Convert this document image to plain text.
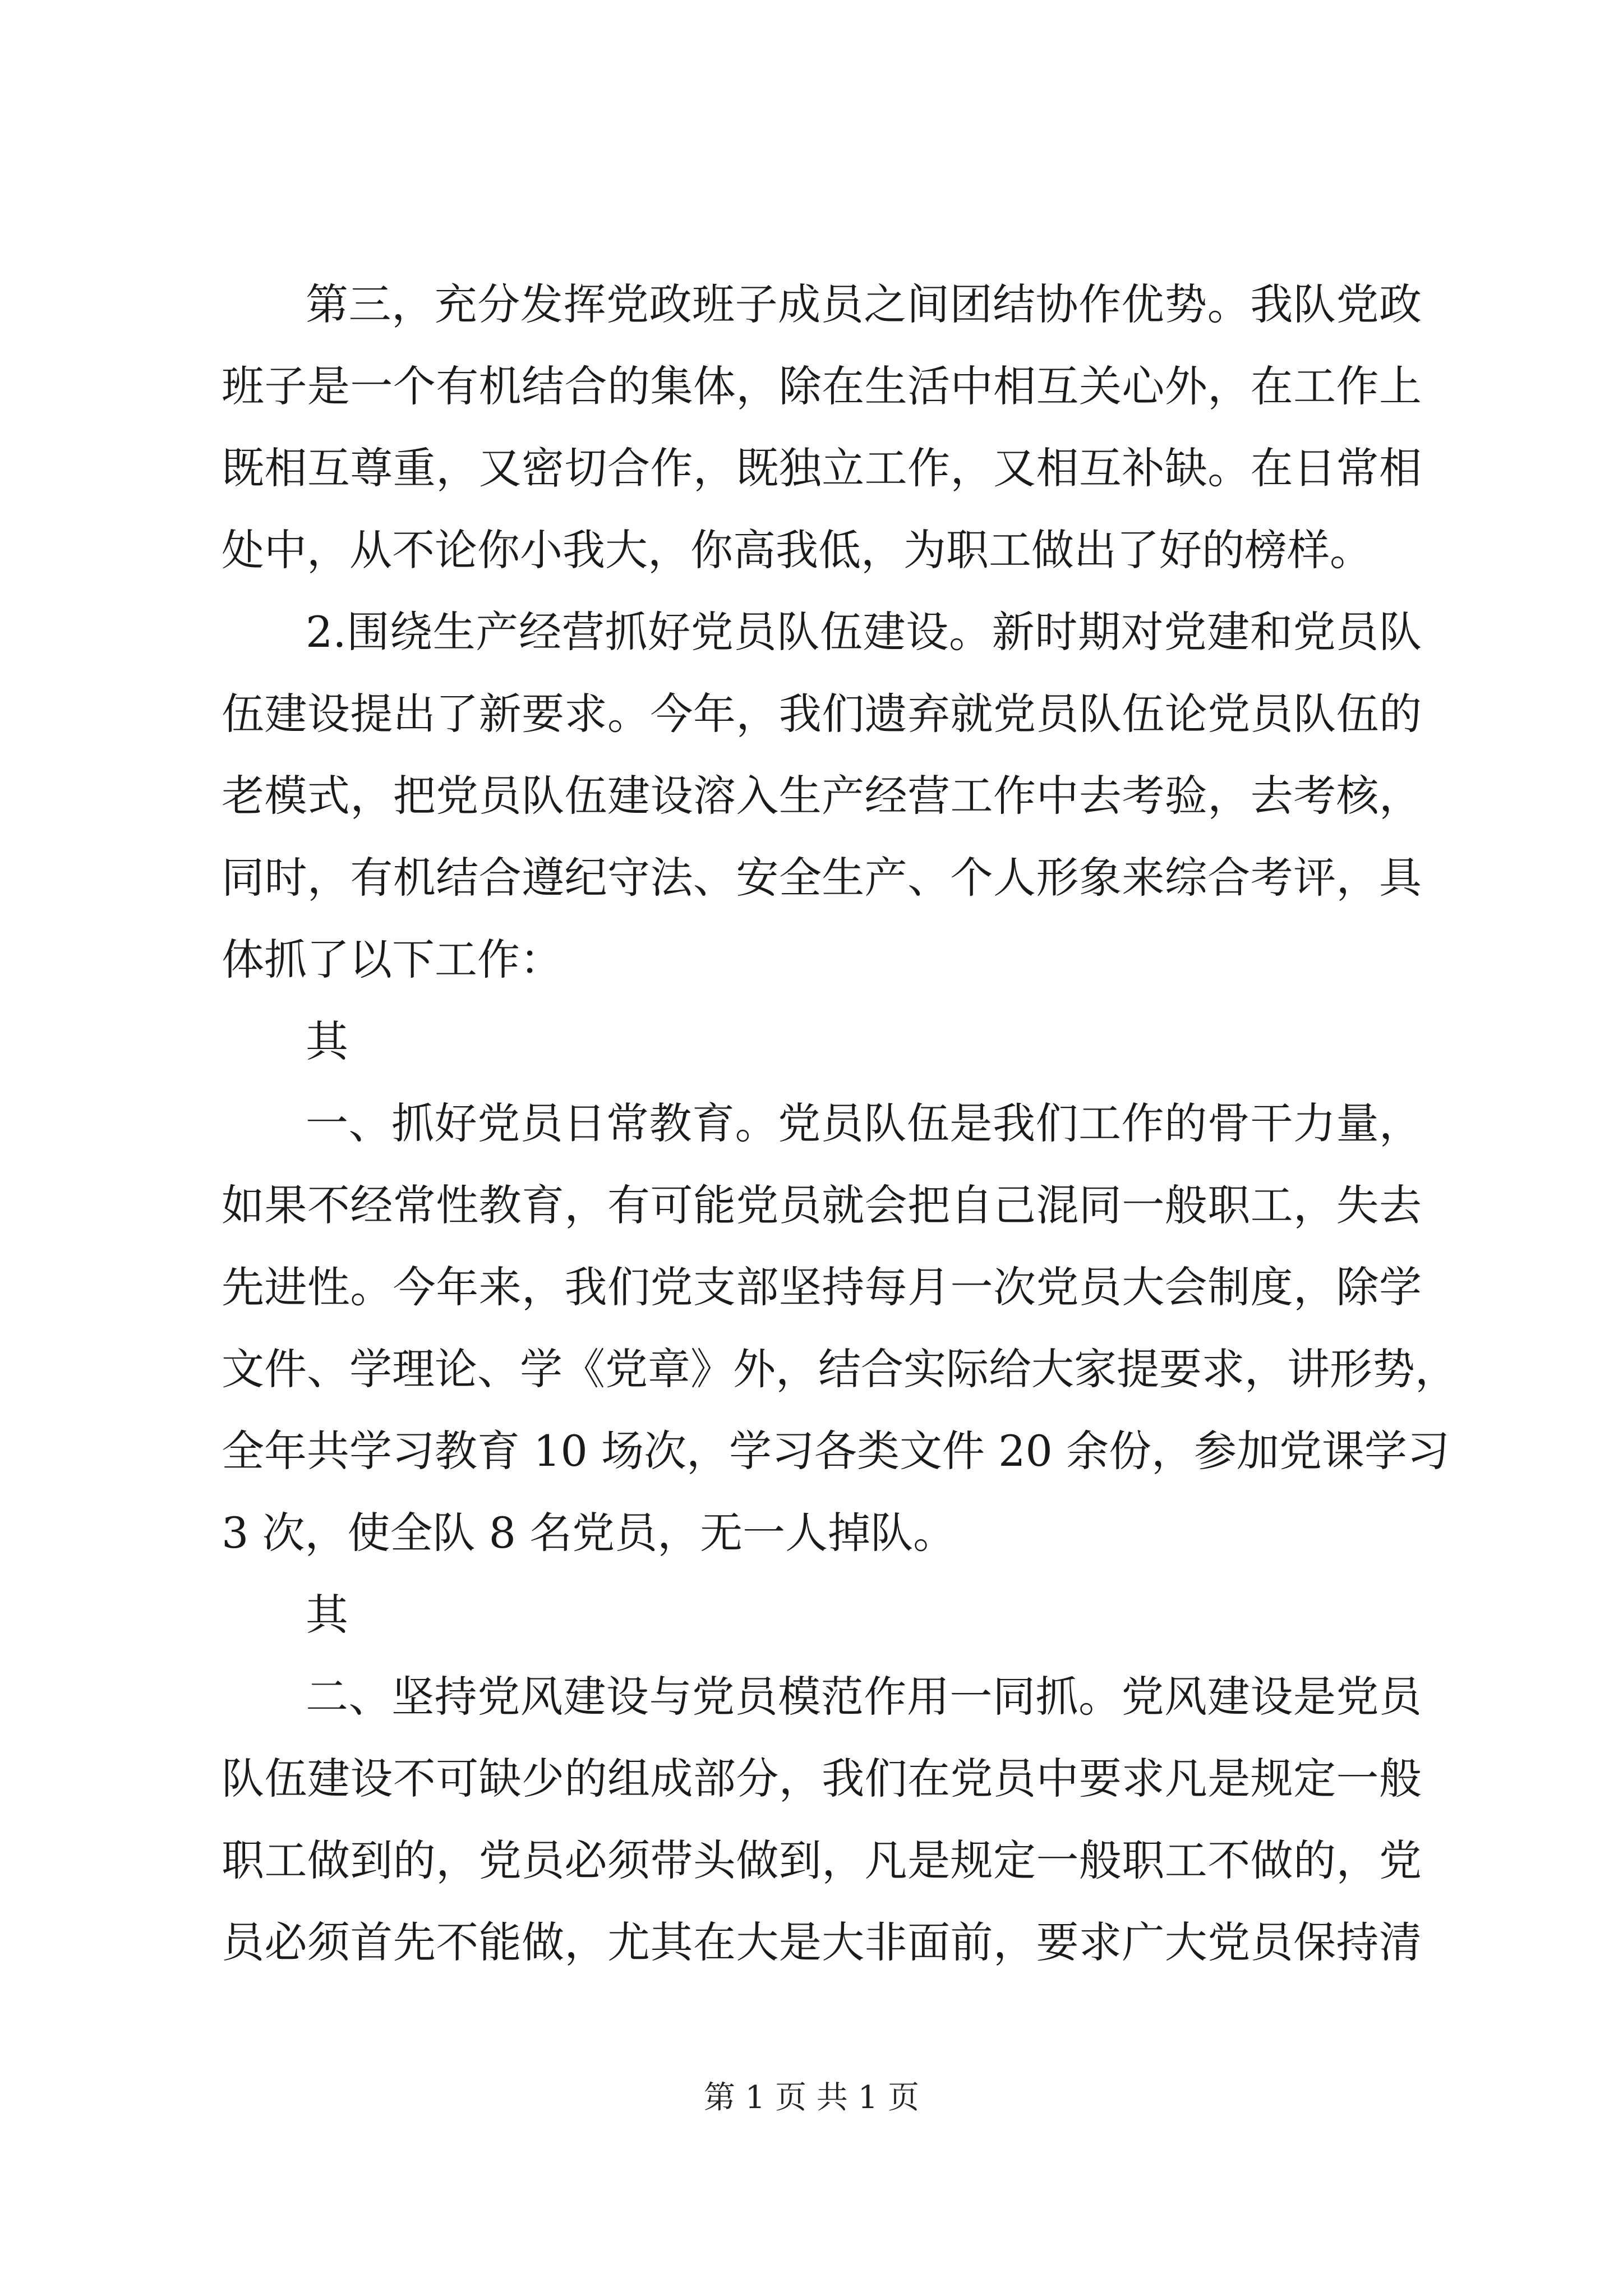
第三，充分发挥党政班子成员之间团结协作优势。我队党政
班子是一个有机结合的集体，除在生活中相互关心外，在工作上
既相互尊重，又密切合作，既独立工作，又相互补缺。在日常相
处中，从不论你小我大，你高我低，为职工做出了好的榜样。
2.围绕生产经营抓好党员队伍建设。新时期对党建和党员队
伍建设提出了新要求。今年，我们遗弃就党员队伍论党员队伍的
老模式，把党员队伍建设溶入生产经营工作中去考验，去考核，
同时，有机结合遵纪守法、安全生产、个人形象来综合考评，具
体抓了以下工作：
其
一、抓好党员日常教育。党员队伍是我们工作的骨干力量，
如果不经常性教育，有可能党员就会把自己混同一般职工，失去
先进性。今年来，我们党支部坚持每月一次党员大会制度，除学
文件、学理论、学《党章》外，结合实际给大家提要求，讲形势，
全年共学习教育 10 场次，学习各类文件 20 余份，参加党课学习
3 次，使全队 8 名党员，无一人掉队。
其
二、坚持党风建设与党员模范作用一同抓。党风建设是党员
队伍建设不可缺少的组成部分，我们在党员中要求凡是规定一般
职工做到的，党员必须带头做到，凡是规定一般职工不做的，党
员必须首先不能做，尤其在大是大非面前，要求广大党员保持清
第 1 页 共 1 页
